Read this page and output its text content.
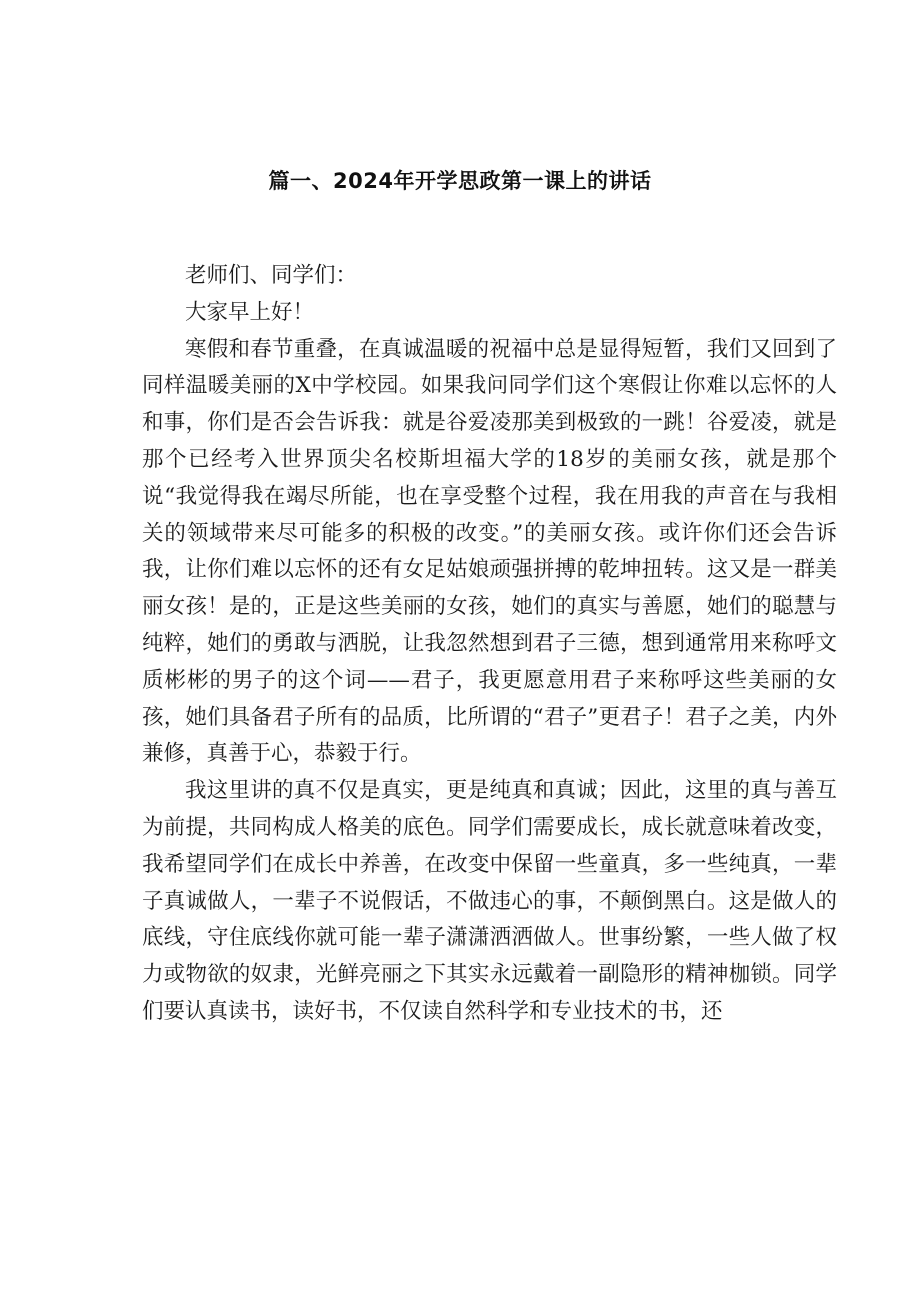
篇一、2024年开学思政第一课上的讲话

老师们、同学们：

大家早上好！

寒假和春节重叠，在真诚温暖的祝福中总是显得短暂，我们又回到了同样温暖美丽的X中学校园。如果我问同学们这个寒假让你难以忘怀的人和事，你们是否会告诉我：就是谷爱凌那美到极致的一跳！谷爱凌，就是那个已经考入世界顶尖名校斯坦福大学的18岁的美丽女孩，就是那个说“我觉得我在竭尽所能，也在享受整个过程，我在用我的声音在与我相关的领域带来尽可能多的积极的改变。”的美丽女孩。或许你们还会告诉我，让你们难以忘怀的还有女足姑娘顽强拼搏的乾坤扭转。这又是一群美丽女孩！是的，正是这些美丽的女孩，她们的真实与善愿，她们的聪慧与纯粹，她们的勇敢与洒脱，让我忽然想到君子三德，想到通常用来称呼文质彬彬的男子的这个词——君子，我更愿意用君子来称呼这些美丽的女孩，她们具备君子所有的品质，比所谓的“君子”更君子！君子之美，内外兼修，真善于心，恭毅于行。

我这里讲的真不仅是真实，更是纯真和真诚；因此，这里的真与善互为前提，共同构成人格美的底色。同学们需要成长，成长就意味着改变，我希望同学们在成长中养善，在改变中保留一些童真，多一些纯真，一辈子真诚做人，一辈子不说假话，不做违心的事，不颠倒黑白。这是做人的底线，守住底线你就可能一辈子潇潇洒洒做人。世事纷繁，一些人做了权力或物欲的奴隶，光鲜亮丽之下其实永远戴着一副隐形的精神枷锁。同学们要认真读书，读好书，不仅读自然科学和专业技术的书，还
